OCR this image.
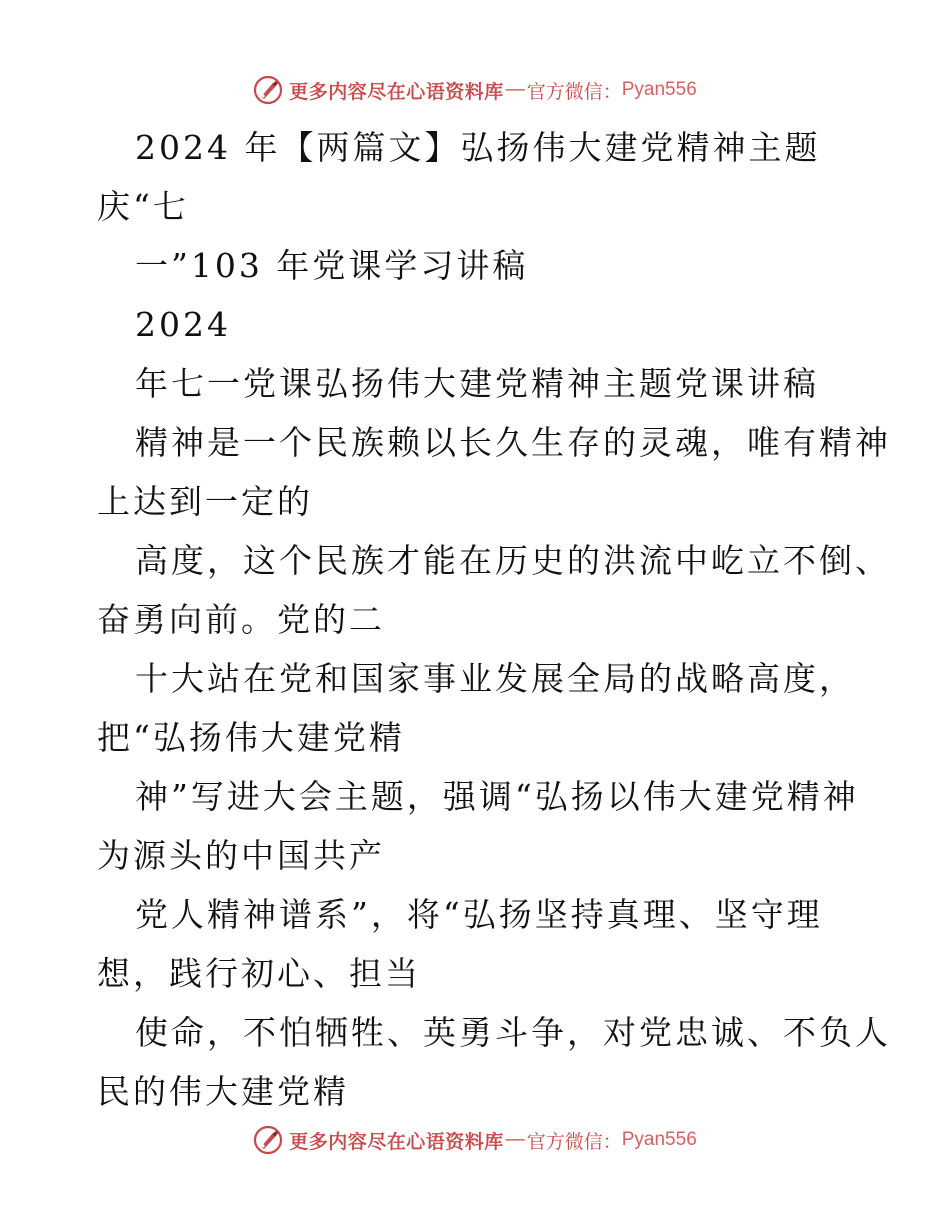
更多内容尽在心语资料库 — 官方微信： Pyan556
2024 年【两篇文】弘扬伟大建党精神主题
庆“七
一”103 年党课学习讲稿
2024
年七一党课弘扬伟大建党精神主题党课讲稿
精神是一个民族赖以长久生存的灵魂，唯有精神
上达到一定的
高度，这个民族才能在历史的洪流中屹立不倒、
奋勇向前。党的二
十大站在党和国家事业发展全局的战略高度，
把“弘扬伟大建党精
神”写进大会主题，强调“弘扬以伟大建党精神
为源头的中国共产
党人精神谱系”，将“弘扬坚持真理、坚守理
想，践行初心、担当
使命，不怕牺牲、英勇斗争，对党忠诚、不负人
民的伟大建党精
更多内容尽在心语资料库 — 官方微信： Pyan556
